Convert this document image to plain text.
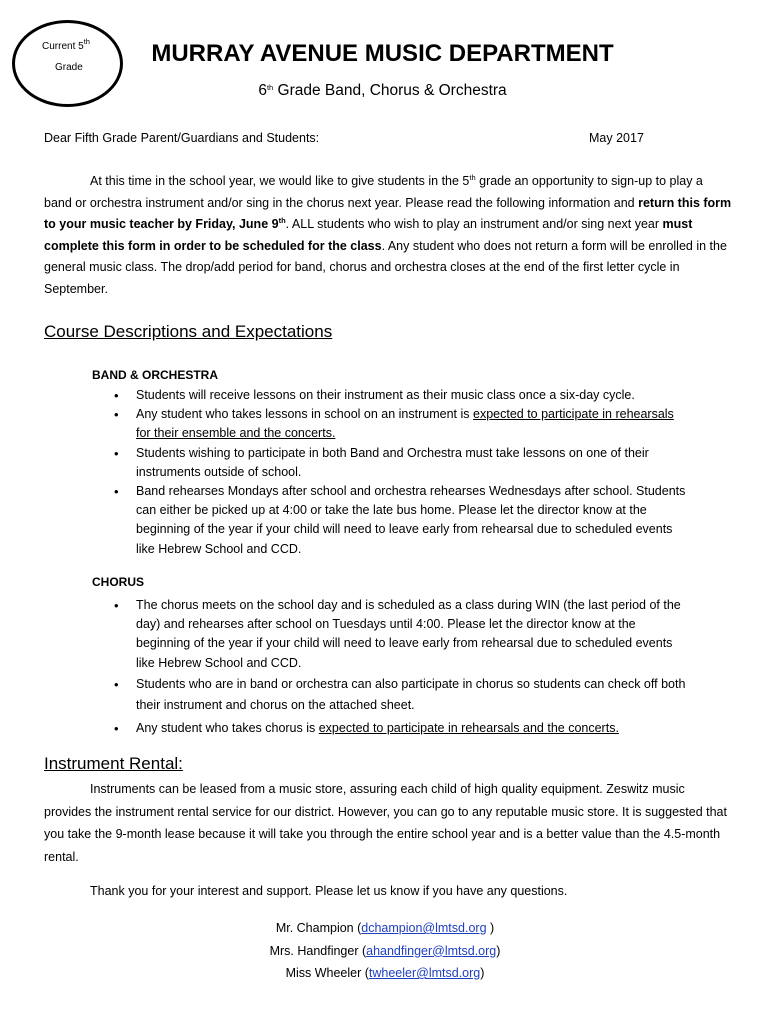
Current 5th
Grade
MURRAY AVENUE MUSIC DEPARTMENT
6th Grade Band, Chorus & Orchestra
Dear Fifth Grade Parent/Guardians and Students:	May 2017

At this time in the school year, we would like to give students in the 5th grade an opportunity to sign-up to play a band or orchestra instrument and/or sing in the chorus next year. Please read the following information and return this form to your music teacher by Friday, June 9th. ALL students who wish to play an instrument and/or sing next year must complete this form in order to be scheduled for the class. Any student who does not return a form will be enrolled in the general music class. The drop/add period for band, chorus and orchestra closes at the end of the first letter cycle in September.

Course Descriptions and Expectations
BAND & ORCHESTRA
• Students will receive lessons on their instrument as their music class once a six-day cycle.
• Any student who takes lessons in school on an instrument is expected to participate in rehearsals for their ensemble and the concerts.
• Students wishing to participate in both Band and Orchestra must take lessons on one of their instruments outside of school.
• Band rehearses Mondays after school and orchestra rehearses Wednesdays after school. Students can either be picked up at 4:00 or take the late bus home. Please let the director know at the beginning of the year if your child will need to leave early from rehearsal due to scheduled events like Hebrew School and CCD.
CHORUS
• The chorus meets on the school day and is scheduled as a class during WIN (the last period of the day) and rehearses after school on Tuesdays until 4:00. Please let the director know at the beginning of the year if your child will need to leave early from rehearsal due to scheduled events like Hebrew School and CCD.
• Students who are in band or orchestra can also participate in chorus so students can check off both their instrument and chorus on the attached sheet.
• Any student who takes chorus is expected to participate in rehearsals and the concerts.
Instrument Rental:

Instruments can be leased from a music store, assuring each child of high quality equipment. Zeswitz music provides the instrument rental service for our district. However, you can go to any reputable music store. It is suggested that you take the 9-month lease because it will take you through the entire school year and is a better value than the 4.5-month rental.

Thank you for your interest and support. Please let us know if you have any questions.
Mr. Champion (dchampion@lmtsd.org )
Mrs. Handfinger (ahandfinger@lmtsd.org)
Miss Wheeler (twheeler@lmtsd.org)
